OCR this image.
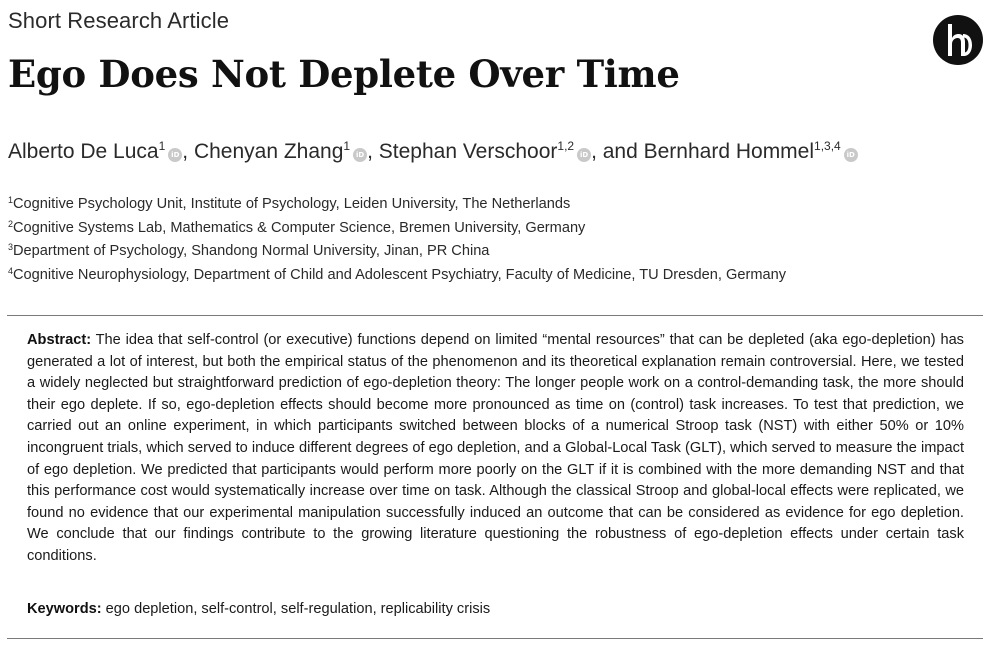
Short Research Article
Ego Does Not Deplete Over Time
Alberto De Luca$^1$iD , Chenyan Zhang$^1$iD , Stephan Verschoor$^{1,2}$iD , and Bernhard Hommel$^{1,3,4}$iD
$^1$Cognitive Psychology Unit, Institute of Psychology, Leiden University, The Netherlands
$^2$Cognitive Systems Lab, Mathematics & Computer Science, Bremen University, Germany
$^3$Department of Psychology, Shandong Normal University, Jinan, PR China
$^4$Cognitive Neurophysiology, Department of Child and Adolescent Psychiatry, Faculty of Medicine, TU Dresden, Germany

Abstract: The idea that self-control (or executive) functions depend on limited “mental resources” that can be depleted (aka ego-depletion) has generated a lot of interest, but both the empirical status of the phenomenon and its theoretical explanation remain controversial. Here, we tested a widely neglected but straightforward prediction of ego-depletion theory: The longer people work on a control-demanding task, the more should their ego deplete. If so, ego-depletion effects should become more pronounced as time on (control) task increases. To test that prediction, we carried out an online experiment, in which participants switched between blocks of a numerical Stroop task (NST) with either 50% or 10% incongruent trials, which served to induce different degrees of ego depletion, and a Global-Local Task (GLT), which served to measure the impact of ego depletion. We predicted that participants would perform more poorly on the GLT if it is combined with the more demanding NST and that this performance cost would systematically increase over time on task. Although the classical Stroop and global-local effects were replicated, we found no evidence that our experimental manipulation successfully induced an outcome that can be considered as evidence for ego depletion. We conclude that our findings contribute to the growing literature questioning the robustness of ego-depletion effects under certain task conditions.

Keywords: ego depletion, self-control, self-regulation, replicability crisis
